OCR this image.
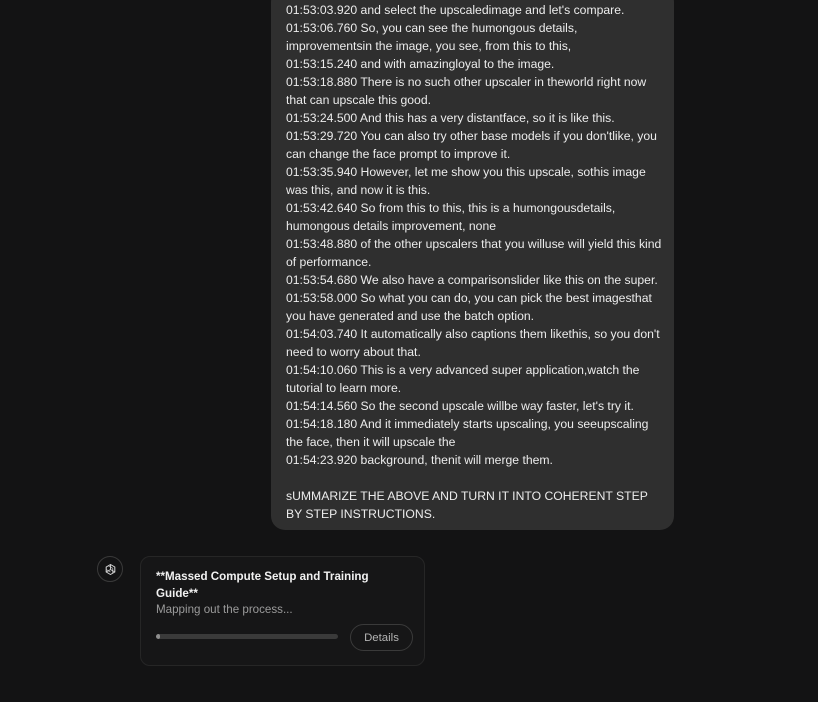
01:53:03.920 and select the upscaledimage and let's compare.
01:53:06.760 So, you can see the humongous details, improvementsin the image, you see, from this to this,
01:53:15.240 and with amazingloyal to the image.
01:53:18.880 There is no such other upscaler in theworld right now that can upscale this good.
01:53:24.500 And this has a very distantface, so it is like this.
01:53:29.720 You can also try other base models if you don'tlike, you can change the face prompt to improve it.
01:53:35.940 However, let me show you this upscale, sothis image was this, and now it is this.
01:53:42.640 So from this to this, this is a humongousdetails, humongous details improvement, none
01:53:48.880 of the other upscalers that you willuse will yield this kind of performance.
01:53:54.680 We also have a comparisonslider like this on the super.
01:53:58.000 So what you can do, you can pick the best imagesthat you have generated and use the batch option.
01:54:03.740 It automatically also captions them likethis, so you don't need to worry about that.
01:54:10.060 This is a very advanced super application,watch the tutorial to learn more.
01:54:14.560 So the second upscale willbe way faster, let's try it.
01:54:18.180 And it immediately starts upscaling, you seeupscaling the face, then it will upscale the
01:54:23.920 background, thenit will merge them.
sUMMARIZE THE ABOVE AND TURN IT INTO COHERENT STEP BY STEP INSTRUCTIONS.
**Massed Compute Setup and Training Guide**
Mapping out the process...
Details
